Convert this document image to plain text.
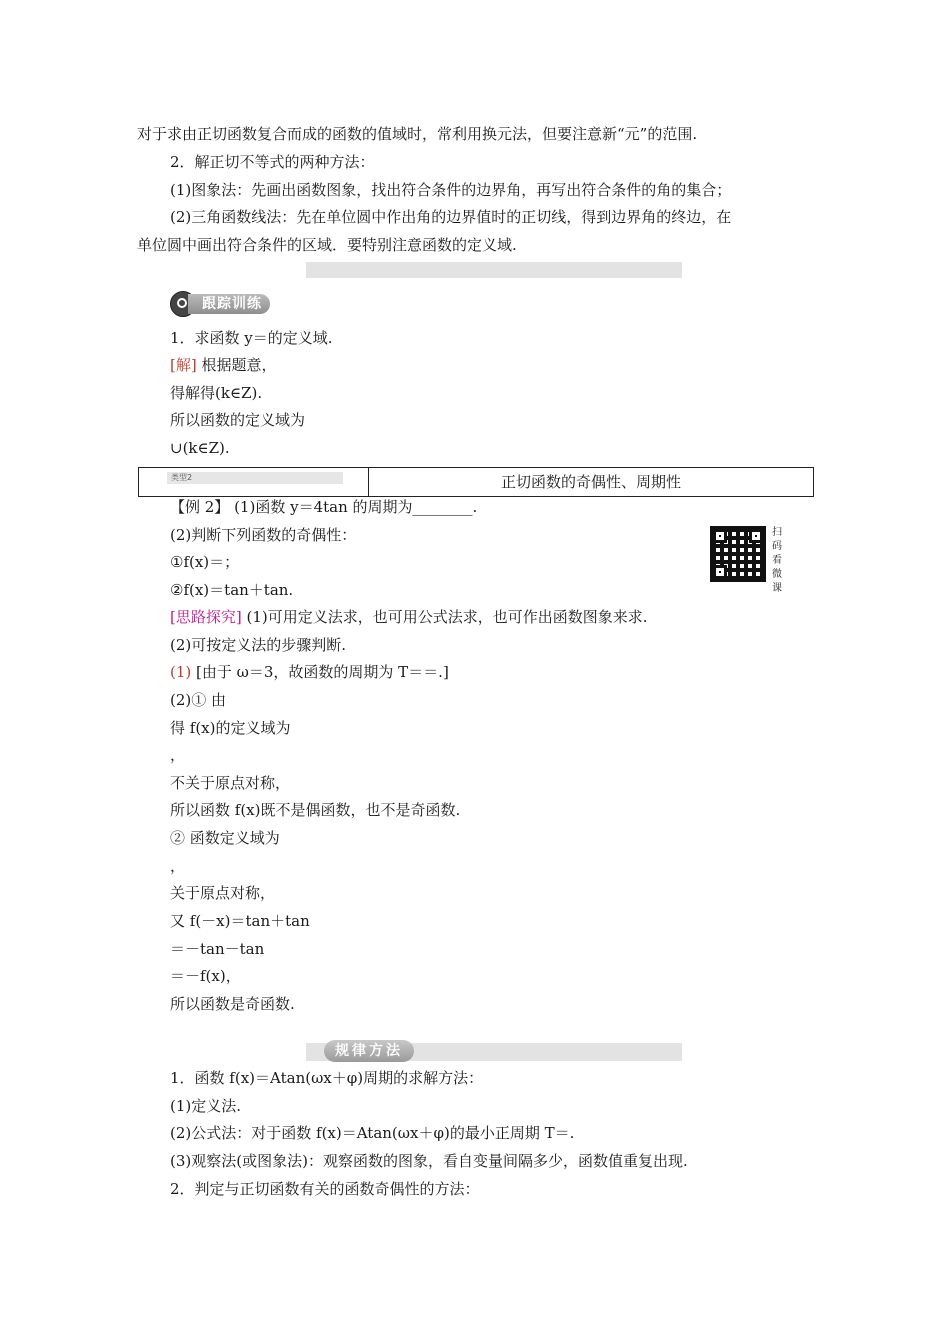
对于求由正切函数复合而成的函数的值域时，常利用换元法，但要注意新“元”的范围.
2．解正切不等式的两种方法：
(1)图象法：先画出函数图象，找出符合条件的边界角，再写出符合条件的角的集合；
(2)三角函数线法：先在单位圆中作出角的边界值时的正切线，得到边界角的终边，在
单位圆中画出符合条件的区域．要特别注意函数的定义域.
跟踪训练
1．求函数 y＝的定义域.
[解] 根据题意，
得解得(k∈Z).
所以函数的定义域为
∪(k∈Z).
类型2	正切函数的奇偶性、周期性
【例 2】 (1)函数 y＝4tan 的周期为________.
(2)判断下列函数的奇偶性：
①f(x)＝；
②f(x)＝tan＋tan.
扫码看微课
[思路探究] (1)可用定义法求，也可用公式法求，也可作出函数图象来求.
(2)可按定义法的步骤判断.
(1) [由于 ω＝3，故函数的周期为 T＝＝.]
(2)① 由
得 f(x)的定义域为
，
不关于原点对称，
所以函数 f(x)既不是偶函数，也不是奇函数.
② 函数定义域为
，
关于原点对称，
又 f(－x)＝tan＋tan
＝－tan－tan
＝－f(x)，
所以函数是奇函数.
规律方法
1．函数 f(x)＝Atan(ωx＋φ)周期的求解方法：
(1)定义法.
(2)公式法：对于函数 f(x)＝Atan(ωx＋φ)的最小正周期 T＝.
(3)观察法(或图象法)：观察函数的图象，看自变量间隔多少，函数值重复出现.
2．判定与正切函数有关的函数奇偶性的方法：
